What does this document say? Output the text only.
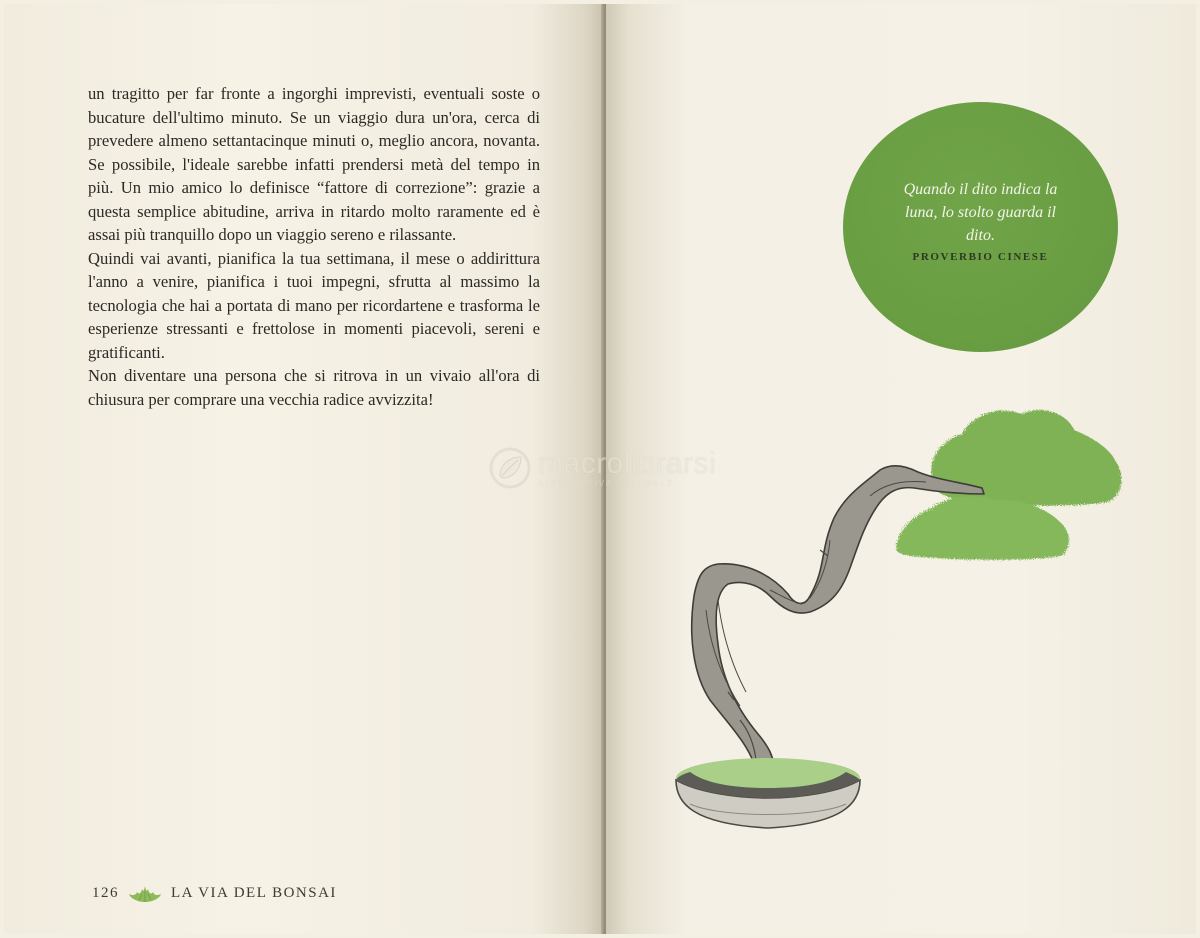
un tragitto per far fronte a ingorghi imprevisti, eventuali soste o bucature dell'ultimo minuto. Se un viaggio dura un'ora, cerca di prevedere almeno settantacinque minuti o, meglio ancora, novanta. Se possibile, l'ideale sarebbe infatti prendersi metà del tempo in più. Un mio amico lo definisce “fattore di correzione”: grazie a questa semplice abitudine, arriva in ritardo molto raramente ed è assai più tranquillo dopo un viaggio sereno e rilassante.

Quindi vai avanti, pianifica la tua settimana, il mese o addirittura l'anno a venire, pianifica i tuoi impegni, sfrutta al massimo la tecnologia che hai a portata di mano per ricordartene e trasforma le esperienze stressanti e frettolose in momenti piacevoli, sereni e gratificanti.

Non diventare una persona che si ritrova in un vivaio all'ora di chiusura per comprare una vecchia radice avvizzita!

126	LA VIA DEL BONSAI
Quando il dito indica la luna, lo stolto guarda il dito.
PROVERBIO CINESE
macrolibrarsi
ALTERNATIVA NATURALE
